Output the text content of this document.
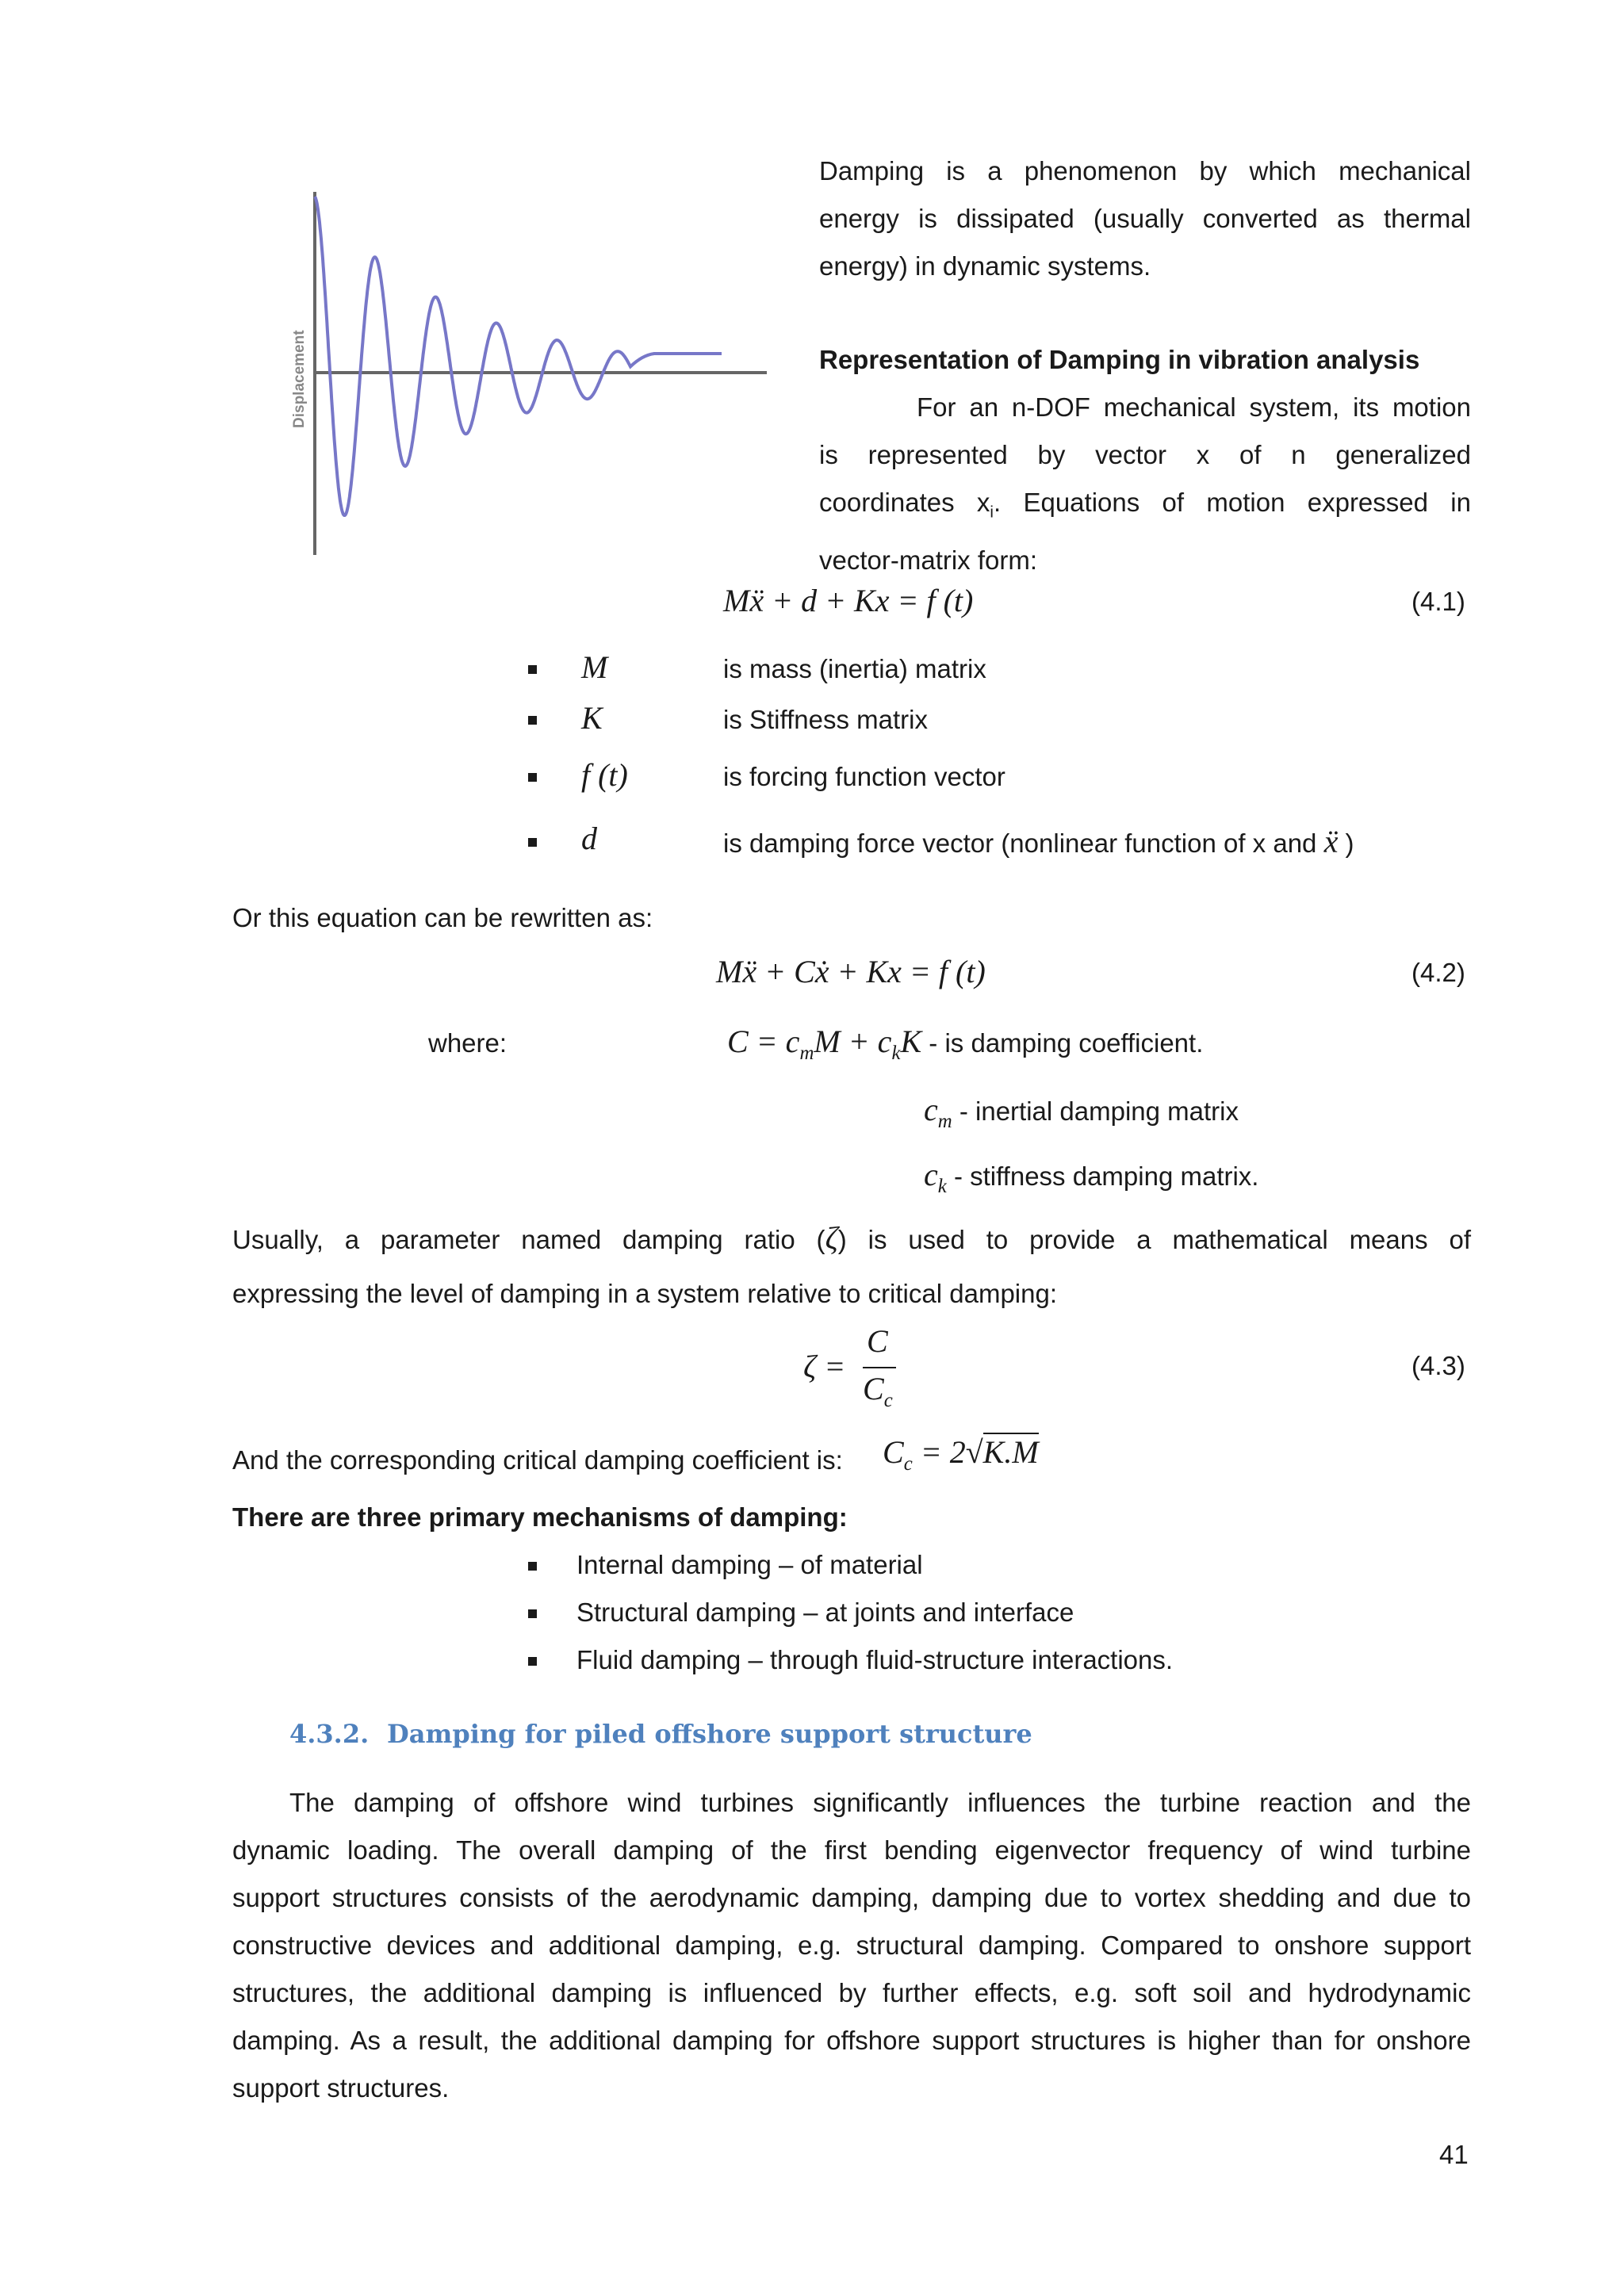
Displacement
Damping is a phenomenon by which mechanical
energy is dissipated (usually converted as thermal
energy) in dynamic systems.
Representation of Damping in vibration analysis
For an n-DOF mechanical system, its motion
is represented by vector x of n generalized
coordinates $x_i$. Equations of motion expressed in
vector-matrix form:
Mẍ + d + Kx = f (t)	(4.1)
M	is mass (inertia) matrix
K	is Stiffness matrix
f (t)	is forcing function vector
d	is damping force vector (nonlinear function of x and ẍ )
Or this equation can be rewritten as:
Mẍ + Cẋ + Kx = f (t)	(4.2)
where:	$C = c_mM + c_kK$ - is damping coefficient.
$c_m$ - inertial damping matrix
$c_k$ - stiffness damping matrix.
Usually, a parameter named damping ratio (ζ) is used to provide a mathematical means of
expressing the level of damping in a system relative to critical damping:
ζ =
C
$C_c$
(4.3)
And the corresponding critical damping coefficient is: $C_c = 2√K.M$
There are three primary mechanisms of damping:
Internal damping – of material
Structural damping – at joints and interface
Fluid damping – through fluid-structure interactions.
4.3.2. Damping for piled offshore support structure
The damping of offshore wind turbines significantly influences the turbine reaction and the
dynamic loading. The overall damping of the first bending eigenvector frequency of wind turbine
support structures consists of the aerodynamic damping, damping due to vortex shedding and due to
constructive devices and additional damping, e.g. structural damping. Compared to onshore support
structures, the additional damping is influenced by further effects, e.g. soft soil and hydrodynamic
damping. As a result, the additional damping for offshore support structures is higher than for onshore
support structures.
41
